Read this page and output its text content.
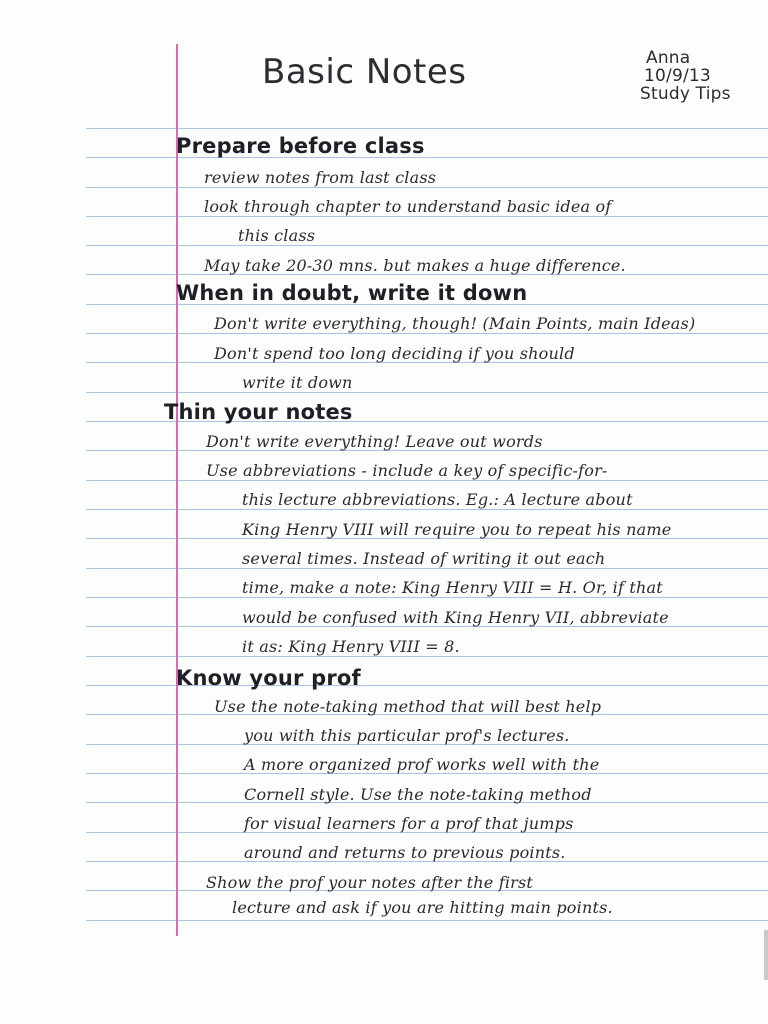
Basic Notes	Anna
10/9/13
Study Tips
Prepare before class
review notes from last class
look through chapter to understand basic idea of
this class
May take 20-30 mns. but makes a huge difference.
When in doubt, write it down
Don't write everything, though! (Main Points, main Ideas)
Don't spend too long deciding if you should
write it down
Thin your notes
Don't write everything! Leave out words
Use abbreviations - include a key of specific-for-
this lecture abbreviations. Eg.: A lecture about
King Henry VIII will require you to repeat his name
several times. Instead of writing it out each
time, make a note: King Henry VIII = H. Or, if that
would be confused with King Henry VII, abbreviate
it as: King Henry VIII = 8.
Know your prof
Use the note-taking method that will best help
you with this particular prof's lectures.
A more organized prof works well with the
Cornell style. Use the note-taking method
for visual learners for a prof that jumps
around and returns to previous points.
Show the prof your notes after the first
lecture and ask if you are hitting main points.
